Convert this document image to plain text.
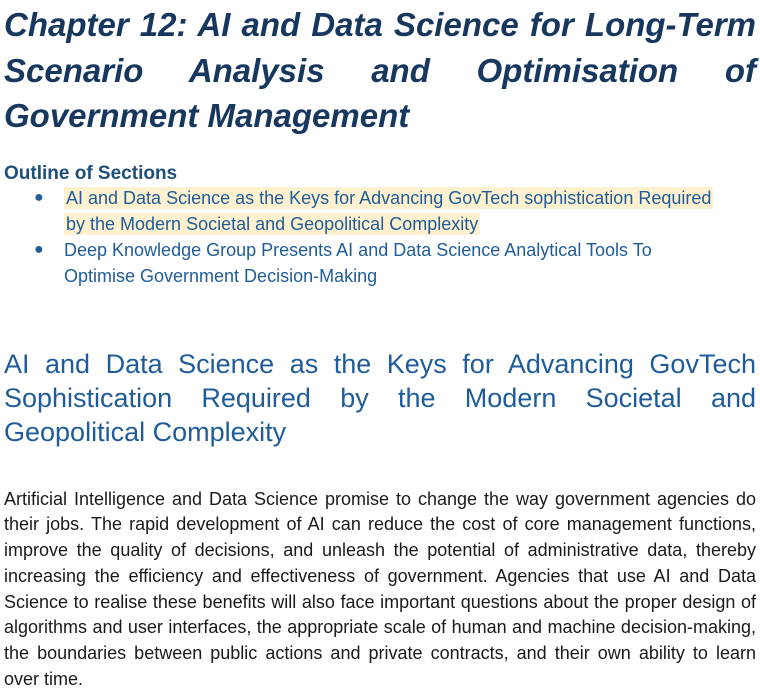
Chapter 12: AI and Data Science for Long-Term Scenario Analysis and Optimisation of Government Management
Outline of Sections
● AI and Data Science as the Keys for Advancing GovTech sophistication Required by the Modern Societal and Geopolitical Complexity
● Deep Knowledge Group Presents AI and Data Science Analytical Tools To Optimise Government Decision-Making
AI and Data Science as the Keys for Advancing GovTech Sophistication Required by the Modern Societal and Geopolitical Complexity

Artificial Intelligence and Data Science promise to change the way government agencies do their jobs. The rapid development of AI can reduce the cost of core management functions, improve the quality of decisions, and unleash the potential of administrative data, thereby increasing the efficiency and effectiveness of government. Agencies that use AI and Data Science to realise these benefits will also face important questions about the proper design of algorithms and user interfaces, the appropriate scale of human and machine decision-making, the boundaries between public actions and private contracts, and their own ability to learn over time.
